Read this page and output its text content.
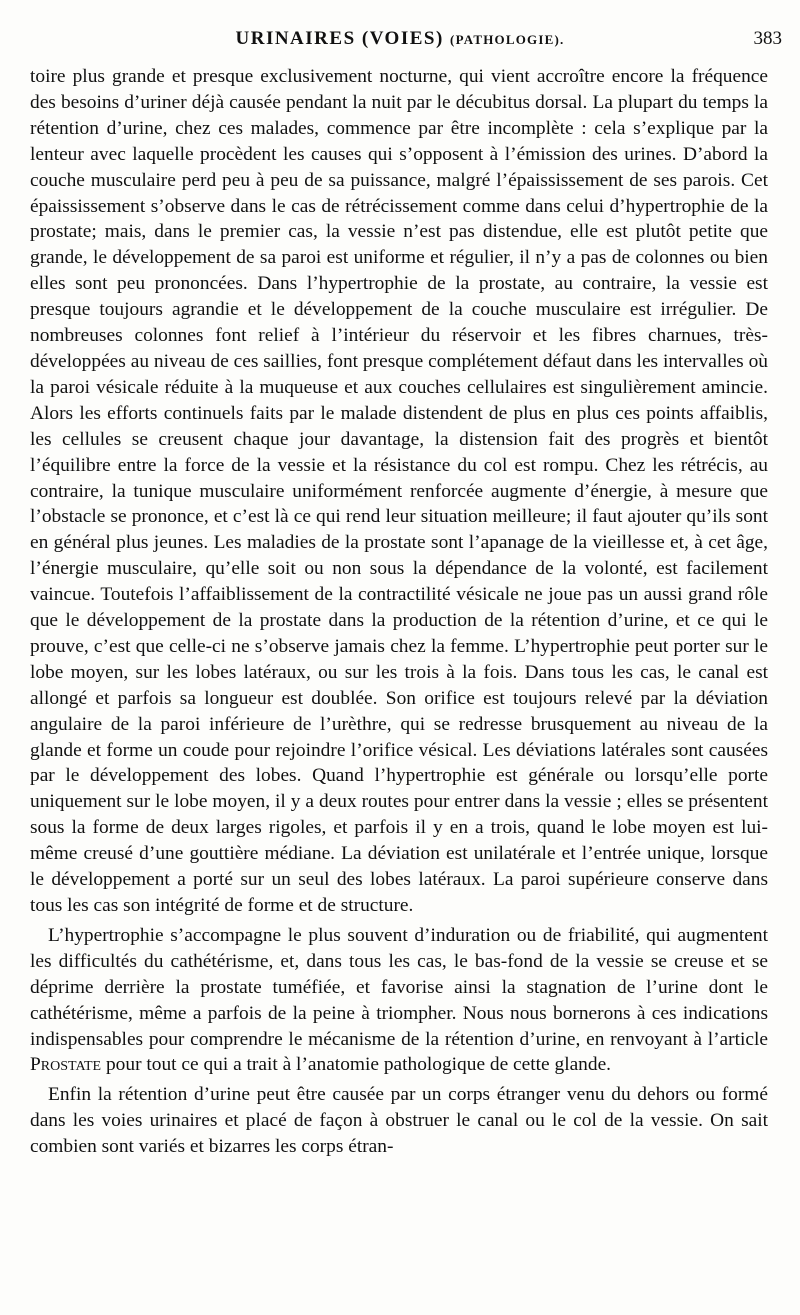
URINAIRES (VOIES) (PATHOLOGIE).	383

toire plus grande et presque exclusivement nocturne, qui vient accroître encore la fréquence des besoins d’uriner déjà causée pendant la nuit par le décubitus dorsal. La plupart du temps la rétention d’urine, chez ces malades, commence par être incomplète : cela s’explique par la lenteur avec laquelle procèdent les causes qui s’opposent à l’émission des urines. D’abord la couche musculaire perd peu à peu de sa puissance, malgré l’épaississement de ses parois. Cet épaississement s’observe dans le cas de rétrécissement comme dans celui d’hypertrophie de la prostate; mais, dans le premier cas, la vessie n’est pas distendue, elle est plutôt petite que grande, le développement de sa paroi est uniforme et régulier, il n’y a pas de colonnes ou bien elles sont peu prononcées. Dans l’hypertrophie de la prostate, au contraire, la vessie est presque toujours agrandie et le développement de la couche musculaire est irrégulier. De nombreuses colonnes font relief à l’intérieur du réservoir et les fibres charnues, très-développées au niveau de ces saillies, font presque complétement défaut dans les intervalles où la paroi vésicale réduite à la muqueuse et aux couches cellulaires est singulièrement amincie. Alors les efforts continuels faits par le malade distendent de plus en plus ces points affaiblis, les cellules se creusent chaque jour davantage, la distension fait des progrès et bientôt l’équilibre entre la force de la vessie et la résistance du col est rompu. Chez les rétrécis, au contraire, la tunique musculaire uniformément renforcée augmente d’énergie, à mesure que l’obstacle se prononce, et c’est là ce qui rend leur situation meilleure; il faut ajouter qu’ils sont en général plus jeunes. Les maladies de la prostate sont l’apanage de la vieillesse et, à cet âge, l’énergie musculaire, qu’elle soit ou non sous la dépendance de la volonté, est facilement vaincue. Toutefois l’affaiblissement de la contractilité vésicale ne joue pas un aussi grand rôle que le développement de la prostate dans la production de la rétention d’urine, et ce qui le prouve, c’est que celle-ci ne s’observe jamais chez la femme. L’hypertrophie peut porter sur le lobe moyen, sur les lobes latéraux, ou sur les trois à la fois. Dans tous les cas, le canal est allongé et parfois sa longueur est doublée. Son orifice est toujours relevé par la déviation angulaire de la paroi inférieure de l’urèthre, qui se redresse brusquement au niveau de la glande et forme un coude pour rejoindre l’orifice vésical. Les déviations latérales sont causées par le développement des lobes. Quand l’hypertrophie est générale ou lorsqu’elle porte uniquement sur le lobe moyen, il y a deux routes pour entrer dans la vessie ; elles se présentent sous la forme de deux larges rigoles, et parfois il y en a trois, quand le lobe moyen est lui-même creusé d’une gouttière médiane. La déviation est unilatérale et l’entrée unique, lorsque le développement a porté sur un seul des lobes latéraux. La paroi supérieure conserve dans tous les cas son intégrité de forme et de structure.

L’hypertrophie s’accompagne le plus souvent d’induration ou de friabilité, qui augmentent les difficultés du cathétérisme, et, dans tous les cas, le bas-fond de la vessie se creuse et se déprime derrière la prostate tuméfiée, et favorise ainsi la stagnation de l’urine dont le cathétérisme, même a parfois de la peine à triompher. Nous nous bornerons à ces indications indispensables pour comprendre le mécanisme de la rétention d’urine, en renvoyant à l’article Prostate pour tout ce qui a trait à l’anatomie pathologique de cette glande.

Enfin la rétention d’urine peut être causée par un corps étranger venu du dehors ou formé dans les voies urinaires et placé de façon à obstruer le canal ou le col de la vessie. On sait combien sont variés et bizarres les corps étran-
